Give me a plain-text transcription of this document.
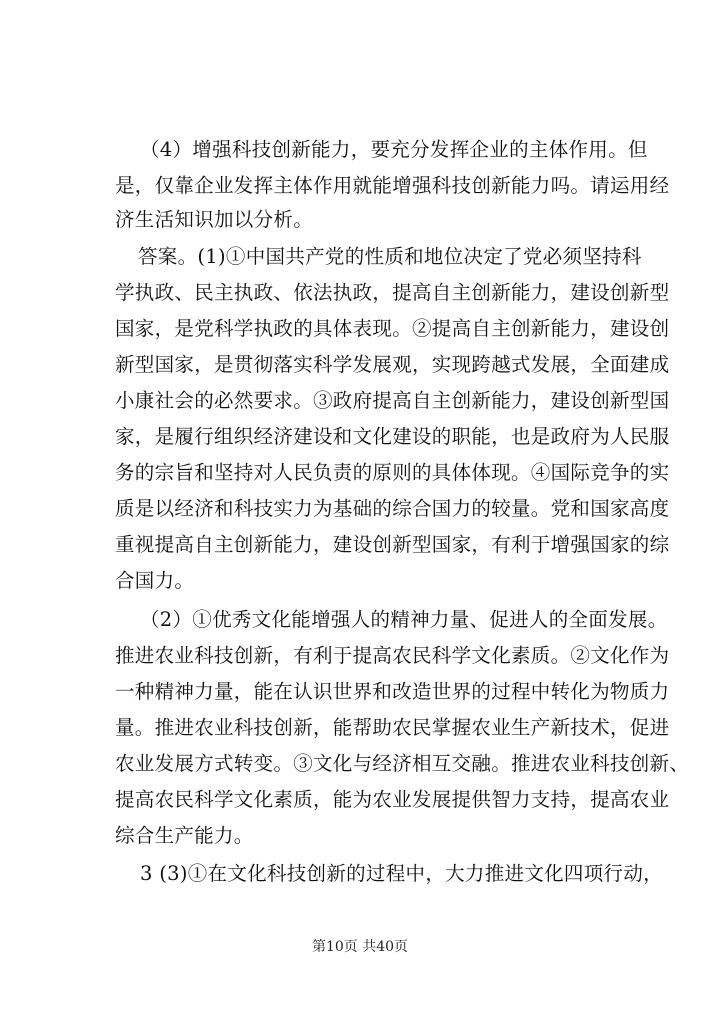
（4）增强科技创新能力，要充分发挥企业的主体作用。但
是，仅靠企业发挥主体作用就能增强科技创新能力吗。请运用经
济生活知识加以分析。
答案。(1)①中国共产党的性质和地位决定了党必须坚持科
学执政、民主执政、依法执政，提高自主创新能力，建设创新型
国家，是党科学执政的具体表现。②提高自主创新能力，建设创
新型国家，是贯彻落实科学发展观，实现跨越式发展，全面建成
小康社会的必然要求。③政府提高自主创新能力，建设创新型国
家，是履行组织经济建设和文化建设的职能，也是政府为人民服
务的宗旨和坚持对人民负责的原则的具体体现。④国际竞争的实
质是以经济和科技实力为基础的综合国力的较量。党和国家高度
重视提高自主创新能力，建设创新型国家，有利于增强国家的综
合国力。
（2）①优秀文化能增强人的精神力量、促进人的全面发展。
推进农业科技创新，有利于提高农民科学文化素质。②文化作为
一种精神力量，能在认识世界和改造世界的过程中转化为物质力
量。推进农业科技创新，能帮助农民掌握农业生产新技术，促进
农业发展方式转变。③文化与经济相互交融。推进农业科技创新、
提高农民科学文化素质，能为农业发展提供智力支持，提高农业
综合生产能力。
3 (3)①在文化科技创新的过程中，大力推进文化四项行动，
第10页 共40页
